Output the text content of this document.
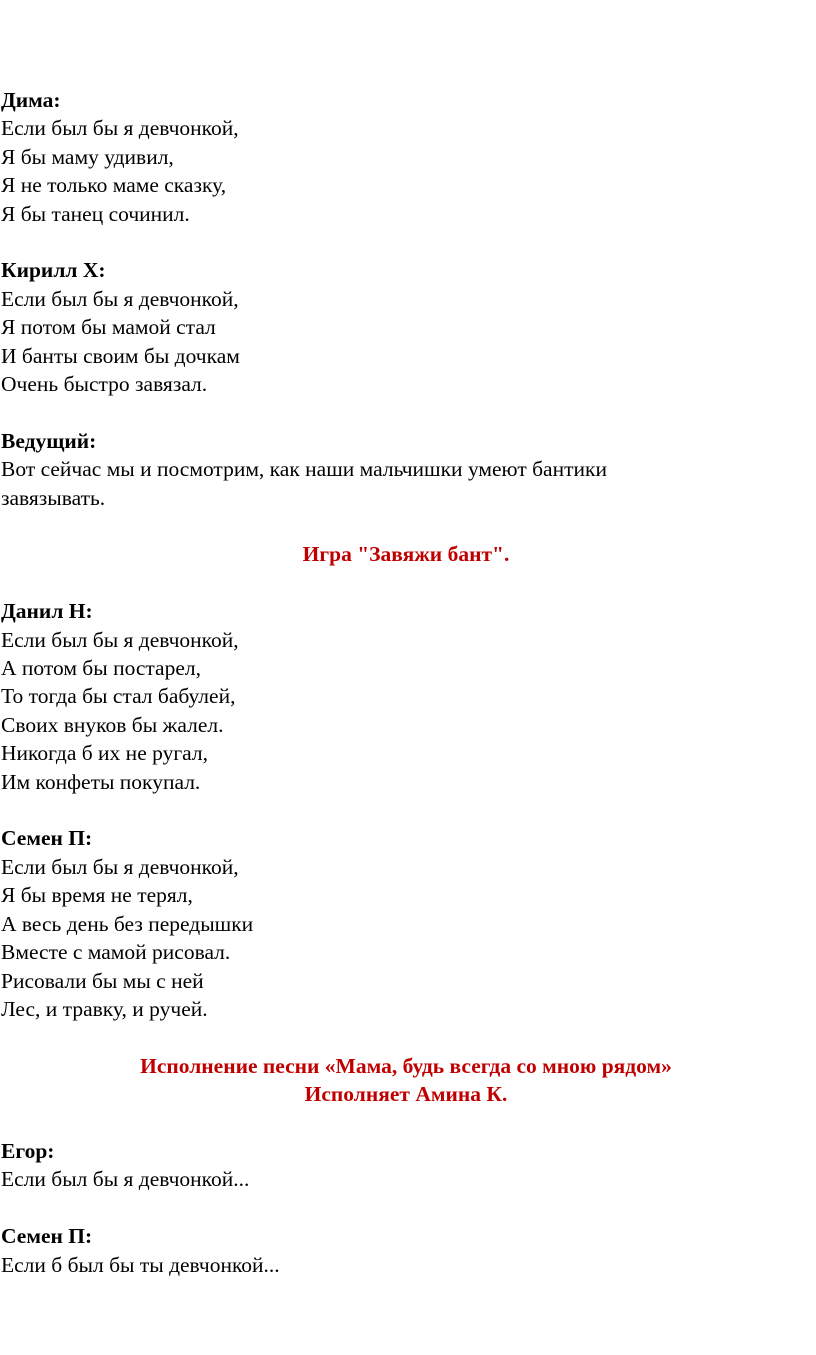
Дима:
Если был бы я девчонкой,
Я бы маму удивил,
Я не только маме сказку,
Я бы танец сочинил.
Кирилл Х:
Если был бы я девчонкой,
Я потом бы мамой стал
И банты своим бы дочкам
Очень быстро завязал.
Ведущий:
Вот сейчас мы и посмотрим, как наши мальчишки умеют бантики завязывать.
Игра "Завяжи бант".
Данил Н:
Если был бы я девчонкой,
А потом бы постарел,
То тогда бы стал бабулей,
Своих внуков бы жалел.
Никогда б их не ругал,
Им конфеты покупал.
Семен П:
Если был бы я девчонкой,
Я бы время не терял,
А весь день без передышки
Вместе с мамой рисовал.
Рисовали бы мы с ней
Лес, и травку, и ручей.
Исполнение песни «Мама, будь всегда со мною рядом»
Исполняет Амина К.
Егор:
Если был бы я девчонкой...
Семен П:
Если б был бы ты девчонкой...
